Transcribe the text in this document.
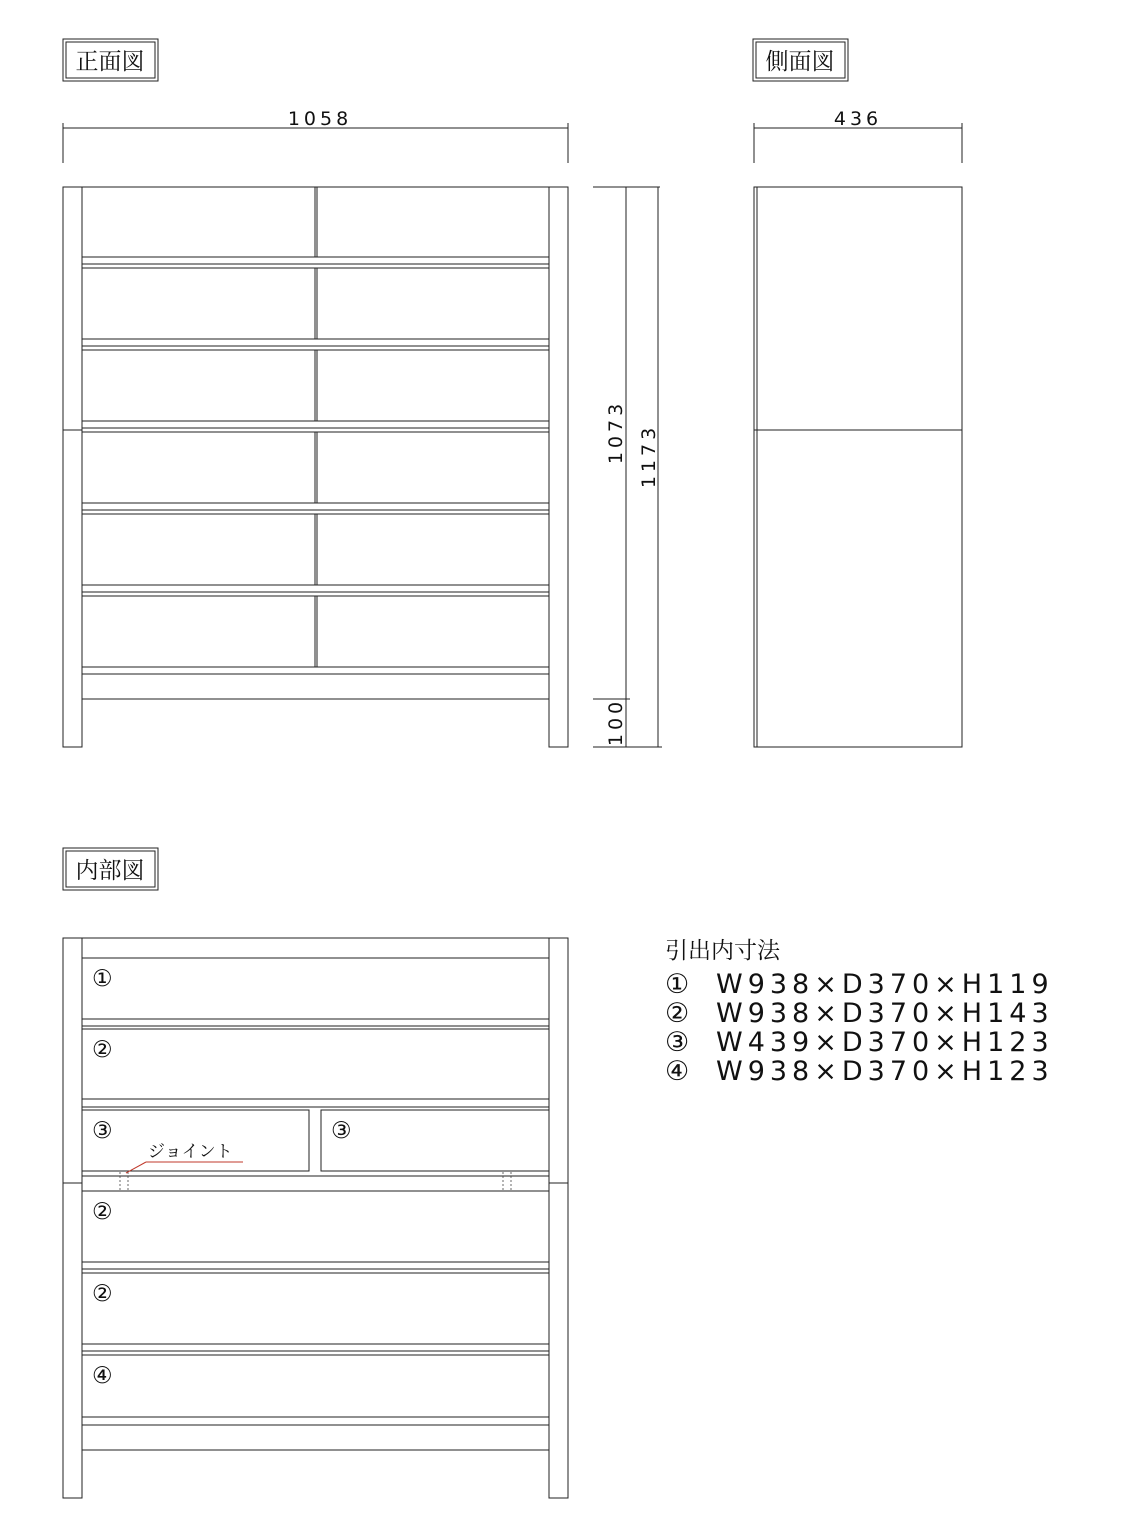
正面図	側面図
内部図
1058
1073 1173
100
436
ジョイント
①
②
③	③
②
②
④
引出内寸法
① W938×D370×H119
② W938×D370×H143
③ W439×D370×H123
④ W938×D370×H123
